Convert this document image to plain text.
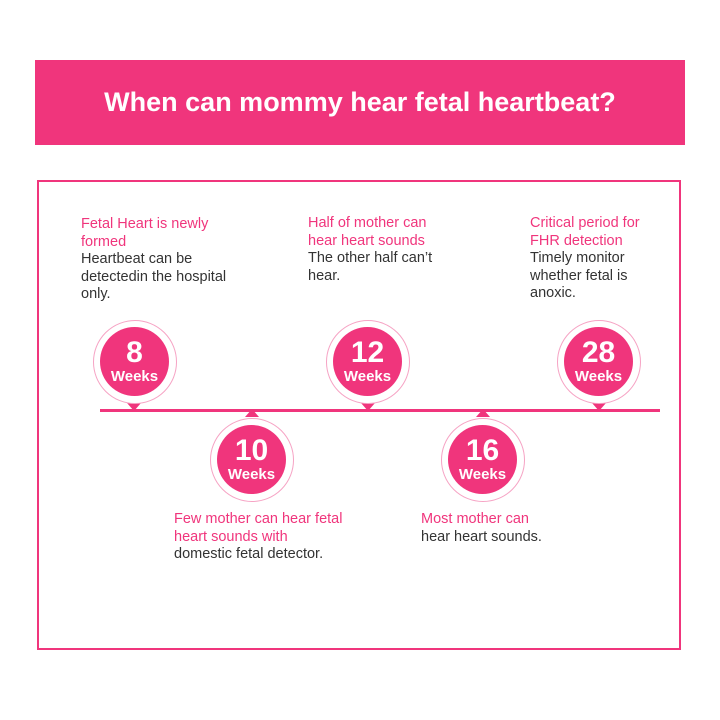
When can mommy hear fetal heartbeat?
Fetal Heart is newly formed
Heartbeat can be detectedin the hospital only.
8
Weeks
Half of mother can hear heart sounds
The other half can’t hear.
12
Weeks
Critical period for FHR detection
Timely monitor whether fetal is anoxic.
28
Weeks
10
Weeks
Few mother can hear fetal heart sounds with
domestic fetal detector.
16
Weeks
Most mother can
hear heart sounds.
